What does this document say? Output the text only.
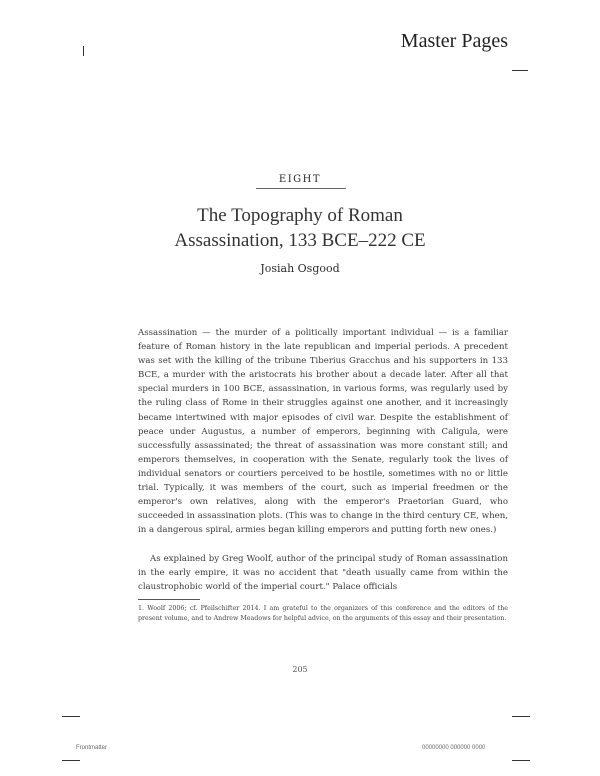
Master Pages
EIGHT
The Topography of Roman
Assassination, 133 BCE–222 CE
Josiah Osgood
Assassination — the murder of a politically important individual — is a familiar feature of Roman history in the late republican and imperial periods. A precedent was set with the killing of the tribune Tiberius Gracchus and his supporters in 133 BCE, a murder with the aristocrats his brother about a decade later. After all that special murders in 100 BCE, assassination, in various forms, was regularly used by the ruling class of Rome in their struggles against one another, and it increasingly became intertwined with major episodes of civil war. Despite the establishment of peace under Augustus, a number of emperors, beginning with Caligula, were successfully assassinated; the threat of assassination was more constant still; and emperors themselves, in cooperation with the Senate, regularly took the lives of individual senators or courtiers perceived to be hostile, sometimes with no or little trial. Typically, it was members of the court, such as imperial freedmen or the emperor's own relatives, along with the emperor's Praetorian Guard, who succeeded in assassination plots. (This was to change in the third century CE, when, in a dangerous spiral, armies began killing emperors and putting forth new ones.)
As explained by Greg Woolf, author of the principal study of Roman assassination in the early empire, it was no accident that "death usually came from within the claustrophobic world of the imperial court." Palace officials
1. Woolf 2006; cf. Pfeilschifter 2014. I am grateful to the organizers of this conference and the editors of the present volume, and to Andrew Meadows for helpful advice, on the arguments of this essay and their presentation.
205
Frontmatter	00000000 000000 0000
